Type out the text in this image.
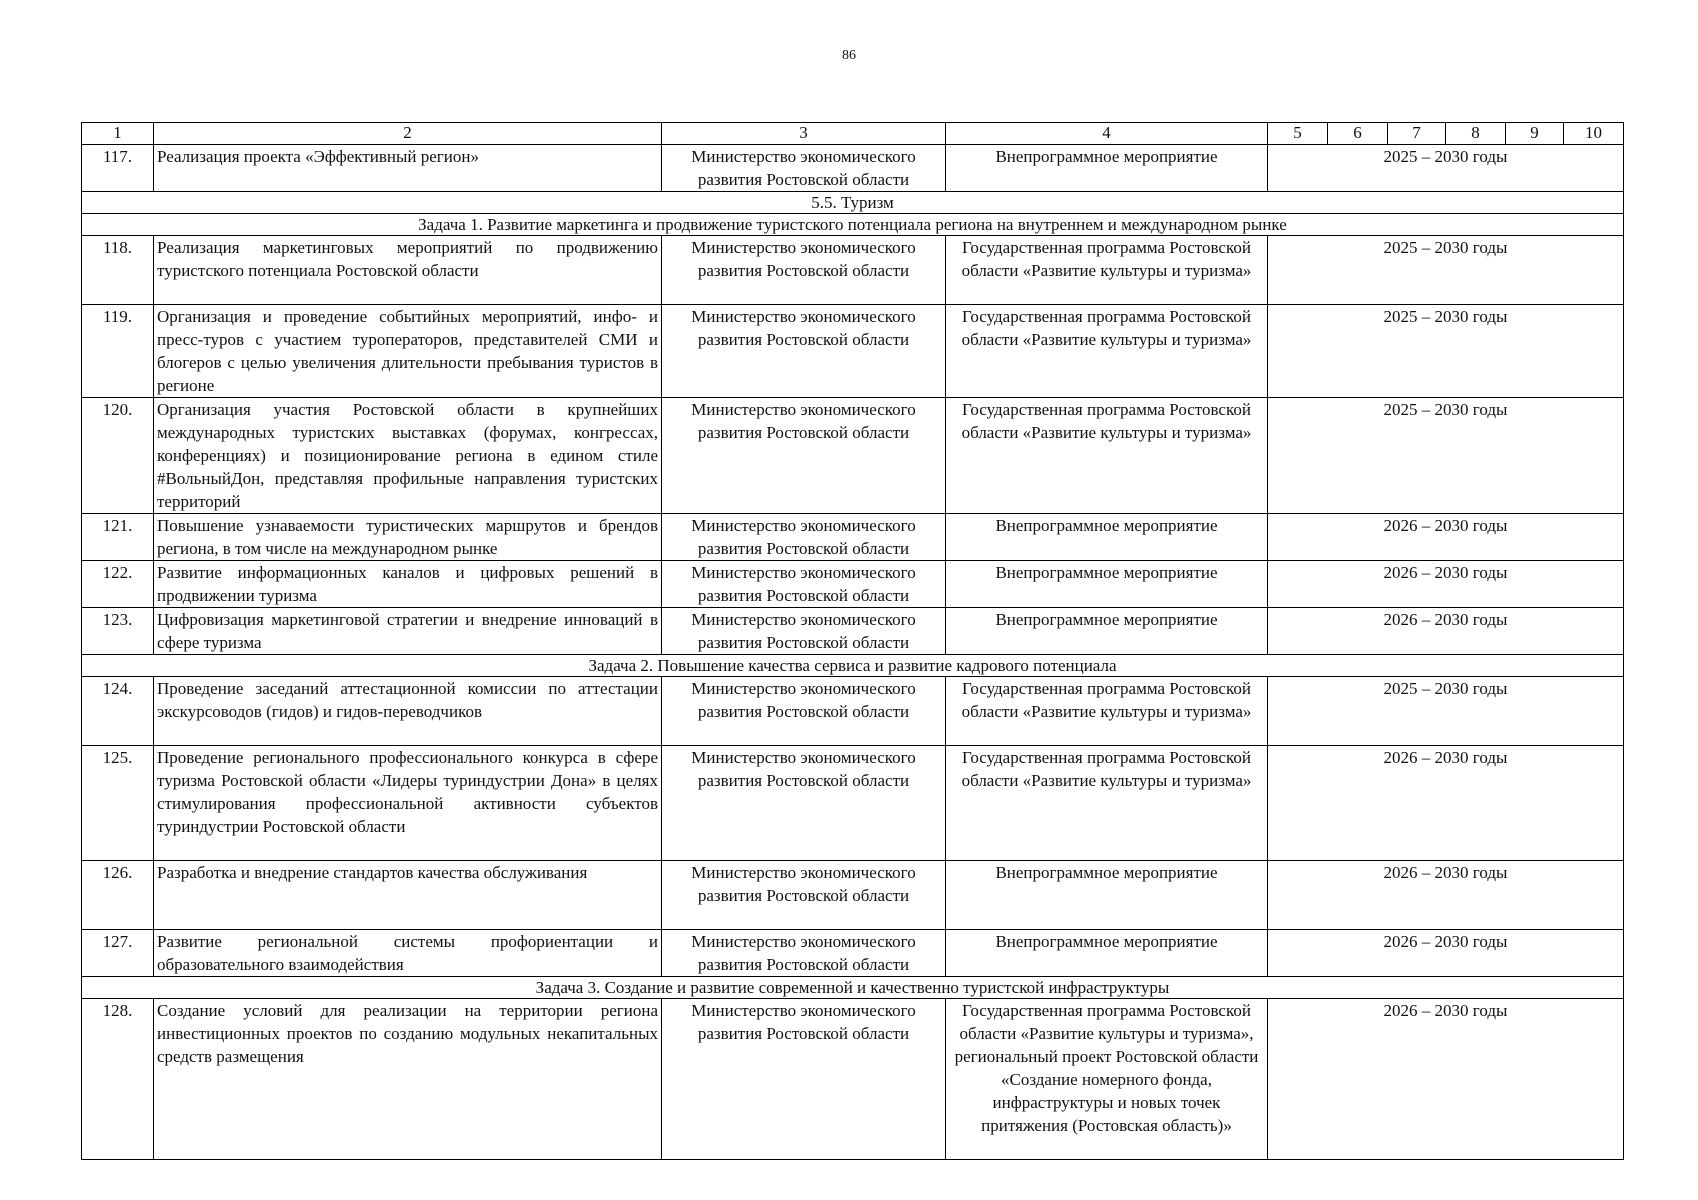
86
1	2	3	4	5	6	7	8	9	10
117.	Реализация проекта «Эффективный регион»	Министерство экономического развития Ростовской области	Внепрограммное мероприятие	2025 – 2030 годы					
5.5. Туризм									
Задача 1. Развитие маркетинга и продвижение туристского потенциала региона на внутреннем и международном рынке									
118.	Реализация маркетинговых мероприятий по продвижению туристского потенциала Ростовской области	Министерство экономического развития Ростовской области	Государственная программа Ростовской области «Развитие культуры и туризма»	2025 – 2030 годы					
119.	Организация и проведение событийных мероприятий, инфо- и пресс-туров с участием туроператоров, представителей СМИ и блогеров с целью увеличения длительности пребывания туристов в регионе	Министерство экономического развития Ростовской области	Государственная программа Ростовской области «Развитие культуры и туризма»	2025 – 2030 годы					
120.	Организация участия Ростовской области в крупнейших международных туристских выставках (форумах, конгрессах, конференциях) и позиционирование региона в едином стиле #ВольныйДон, представляя профильные направления туристских территорий	Министерство экономического развития Ростовской области	Государственная программа Ростовской области «Развитие культуры и туризма»	2025 – 2030 годы					
121.	Повышение узнаваемости туристических маршрутов и брендов региона, в том числе на международном рынке	Министерство экономического развития Ростовской области	Внепрограммное мероприятие	2026 – 2030 годы					
122.	Развитие информационных каналов и цифровых решений в продвижении туризма	Министерство экономического развития Ростовской области	Внепрограммное мероприятие	2026 – 2030 годы					
123.	Цифровизация маркетинговой стратегии и внедрение инноваций в сфере туризма	Министерство экономического развития Ростовской области	Внепрограммное мероприятие	2026 – 2030 годы					
Задача 2. Повышение качества сервиса и развитие кадрового потенциала									
124.	Проведение заседаний аттестационной комиссии по аттестации экскурсоводов (гидов) и гидов-переводчиков	Министерство экономического развития Ростовской области	Государственная программа Ростовской области «Развитие культуры и туризма»	2025 – 2030 годы					
125.	Проведение регионального профессионального конкурса в сфере туризма Ростовской области «Лидеры туриндустрии Дона» в целях стимулирования профессиональной активности субъектов туриндустрии Ростовской области	Министерство экономического развития Ростовской области	Государственная программа Ростовской области «Развитие культуры и туризма»	2026 – 2030 годы					
126.	Разработка и внедрение стандартов качества обслуживания	Министерство экономического развития Ростовской области	Внепрограммное мероприятие	2026 – 2030 годы					
127.	Развитие региональной системы профориентации и образовательного взаимодействия	Министерство экономического развития Ростовской области	Внепрограммное мероприятие	2026 – 2030 годы					
Задача 3. Создание и развитие современной и качественно туристской инфраструктуры									
128.	Создание условий для реализации на территории региона инвестиционных проектов по созданию модульных некапитальных средств размещения	Министерство экономического развития Ростовской области	Государственная программа Ростовской области «Развитие культуры и туризма», региональный проект Ростовской области «Создание номерного фонда, инфраструктуры и новых точек притяжения (Ростовская область)»	2026 – 2030 годы					
